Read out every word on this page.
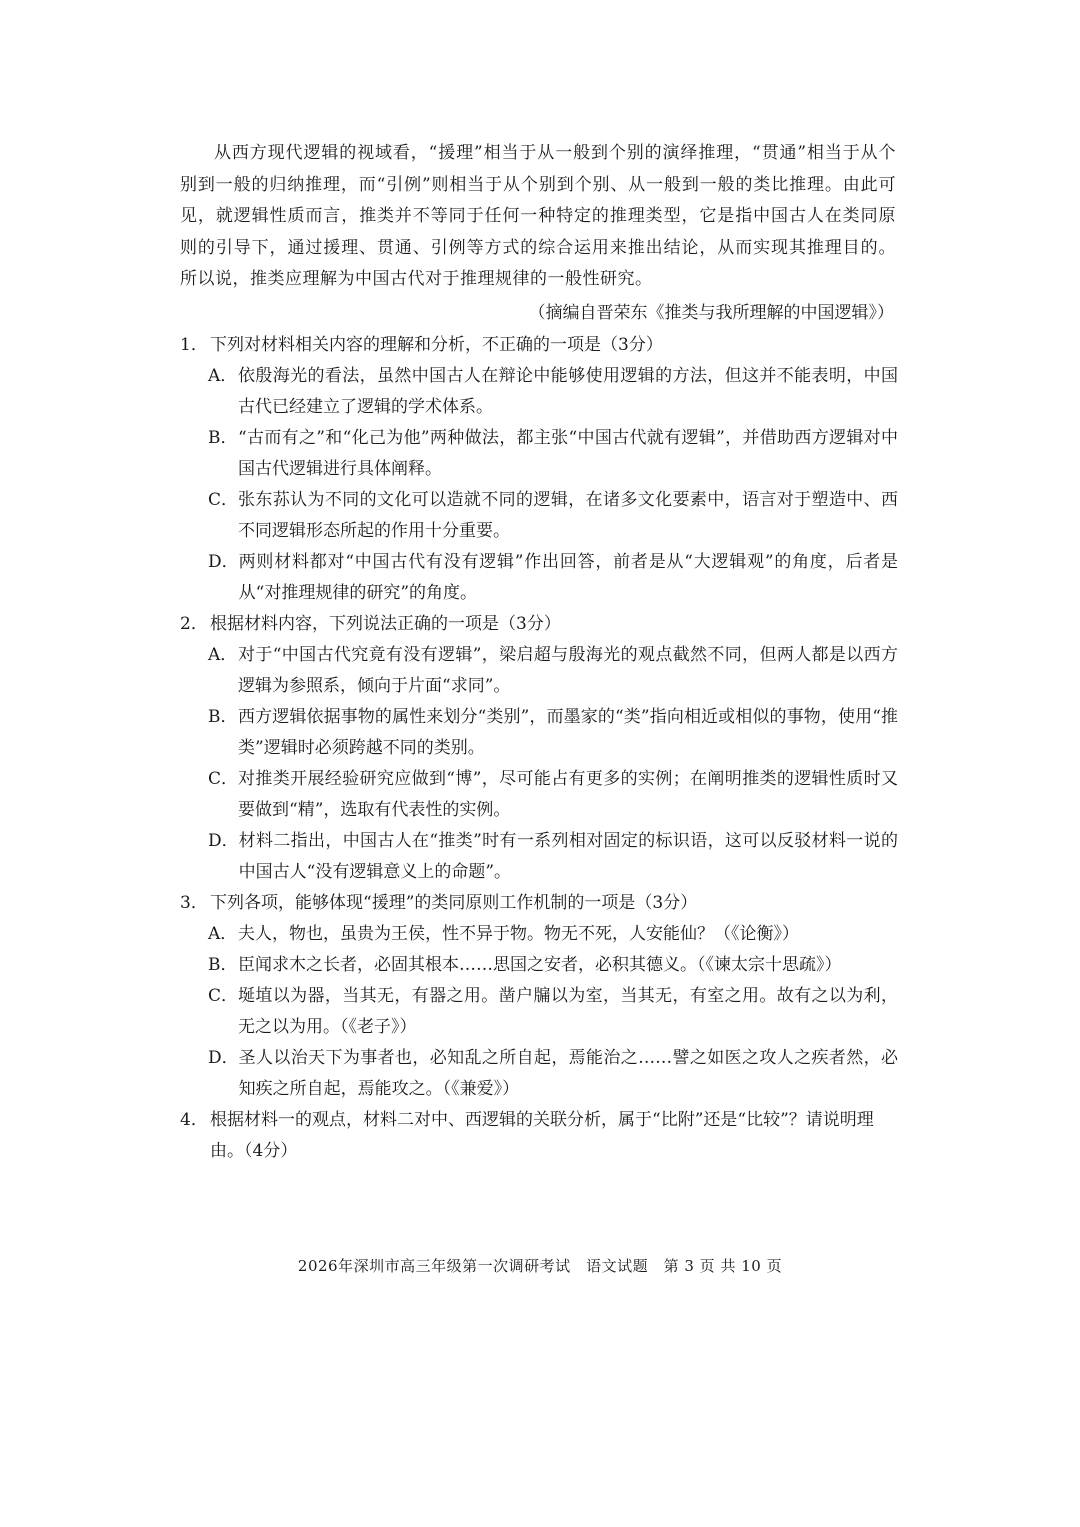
从西方现代逻辑的视域看，“援理”相当于从一般到个别的演绎推理，“贯通”相当于从个别到一般的归纳推理，而“引例”则相当于从个别到个别、从一般到一般的类比推理。由此可见，就逻辑性质而言，推类并不等同于任何一种特定的推理类型，它是指中国古人在类同原则的引导下，通过援理、贯通、引例等方式的综合运用来推出结论，从而实现其推理目的。所以说，推类应理解为中国古代对于推理规律的一般性研究。

（摘编自晋荣东《推类与我所理解的中国逻辑》）

1． 下列对材料相关内容的理解和分析，不正确的一项是（3分）
A． 依殷海光的看法，虽然中国古人在辩论中能够使用逻辑的方法，但这并不能表明，中国古代已经建立了逻辑的学术体系。
B． “古而有之”和“化己为他”两种做法，都主张“中国古代就有逻辑”，并借助西方逻辑对中国古代逻辑进行具体阐释。
C． 张东荪认为不同的文化可以造就不同的逻辑，在诸多文化要素中，语言对于塑造中、西不同逻辑形态所起的作用十分重要。
D． 两则材料都对“中国古代有没有逻辑”作出回答，前者是从“大逻辑观”的角度，后者是从“对推理规律的研究”的角度。
2． 根据材料内容，下列说法正确的一项是（3分）
A． 对于“中国古代究竟有没有逻辑”，梁启超与殷海光的观点截然不同，但两人都是以西方逻辑为参照系，倾向于片面“求同”。
B． 西方逻辑依据事物的属性来划分“类别”，而墨家的“类”指向相近或相似的事物，使用“推类”逻辑时必须跨越不同的类别。
C． 对推类开展经验研究应做到“博”，尽可能占有更多的实例；在阐明推类的逻辑性质时又要做到“精”，选取有代表性的实例。
D． 材料二指出，中国古人在“推类”时有一系列相对固定的标识语，这可以反驳材料一说的中国古人“没有逻辑意义上的命题”。
3． 下列各项，能够体现“援理”的类同原则工作机制的一项是（3分）
A． 夫人，物也，虽贵为王侯，性不异于物。物无不死，人安能仙？（《论衡》）
B． 臣闻求木之长者，必固其根本……思国之安者，必积其德义。（《谏太宗十思疏》）
C． 埏埴以为器，当其无，有器之用。凿户牖以为室，当其无，有室之用。故有之以为利，无之以为用。（《老子》）
D． 圣人以治天下为事者也，必知乱之所自起，焉能治之……譬之如医之攻人之疾者然，必知疾之所自起，焉能攻之。（《兼爱》）
4． 根据材料一的观点，材料二对中、西逻辑的关联分析，属于“比附”还是“比较”？请说明理由。（4分）
2026年深圳市高三年级第一次调研考试　语文试题　第 3 页 共 10 页
